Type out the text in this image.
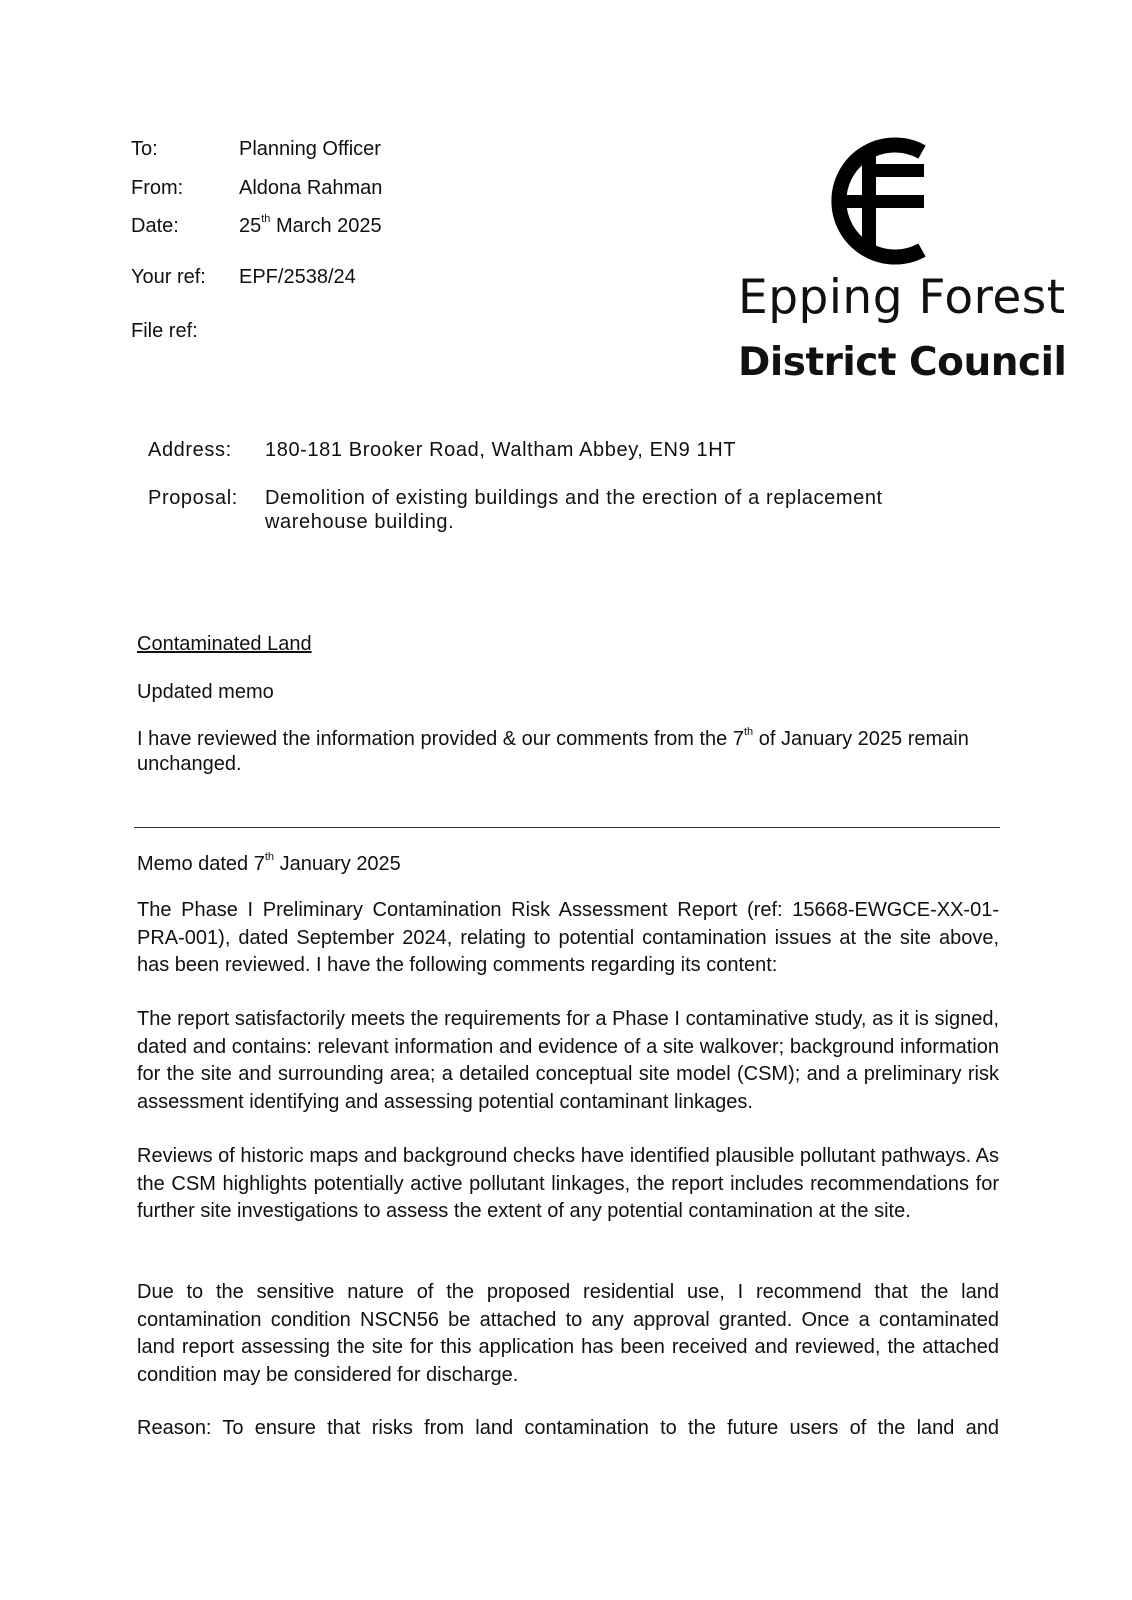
To:	Planning Officer
From:	Aldona Rahman
Date:	25th March 2025
Your ref: EPF/2538/24
File ref:
Epping Forest
District Council
Address: 180-181 Brooker Road, Waltham Abbey, EN9 1HT
Proposal: Demolition of existing buildings and the erection of a replacement warehouse building.
Contaminated Land
Updated memo
I have reviewed the information provided & our comments from the 7th of January 2025 remain unchanged.
Memo dated 7th January 2025
The Phase I Preliminary Contamination Risk Assessment Report (ref: 15668-EWGCE-XX-01-PRA-001), dated September 2024, relating to potential contamination issues at the site above, has been reviewed. I have the following comments regarding its content:
The report satisfactorily meets the requirements for a Phase I contaminative study, as it is signed, dated and contains: relevant information and evidence of a site walkover; background information for the site and surrounding area; a detailed conceptual site model (CSM); and a preliminary risk assessment identifying and assessing potential contaminant linkages.
Reviews of historic maps and background checks have identified plausible pollutant pathways. As the CSM highlights potentially active pollutant linkages, the report includes recommendations for further site investigations to assess the extent of any potential contamination at the site.
Due to the sensitive nature of the proposed residential use, I recommend that the land contamination condition NSCN56 be attached to any approval granted. Once a contaminated land report assessing the site for this application has been received and reviewed, the attached condition may be considered for discharge.
Reason: To ensure that risks from land contamination to the future users of the land and
